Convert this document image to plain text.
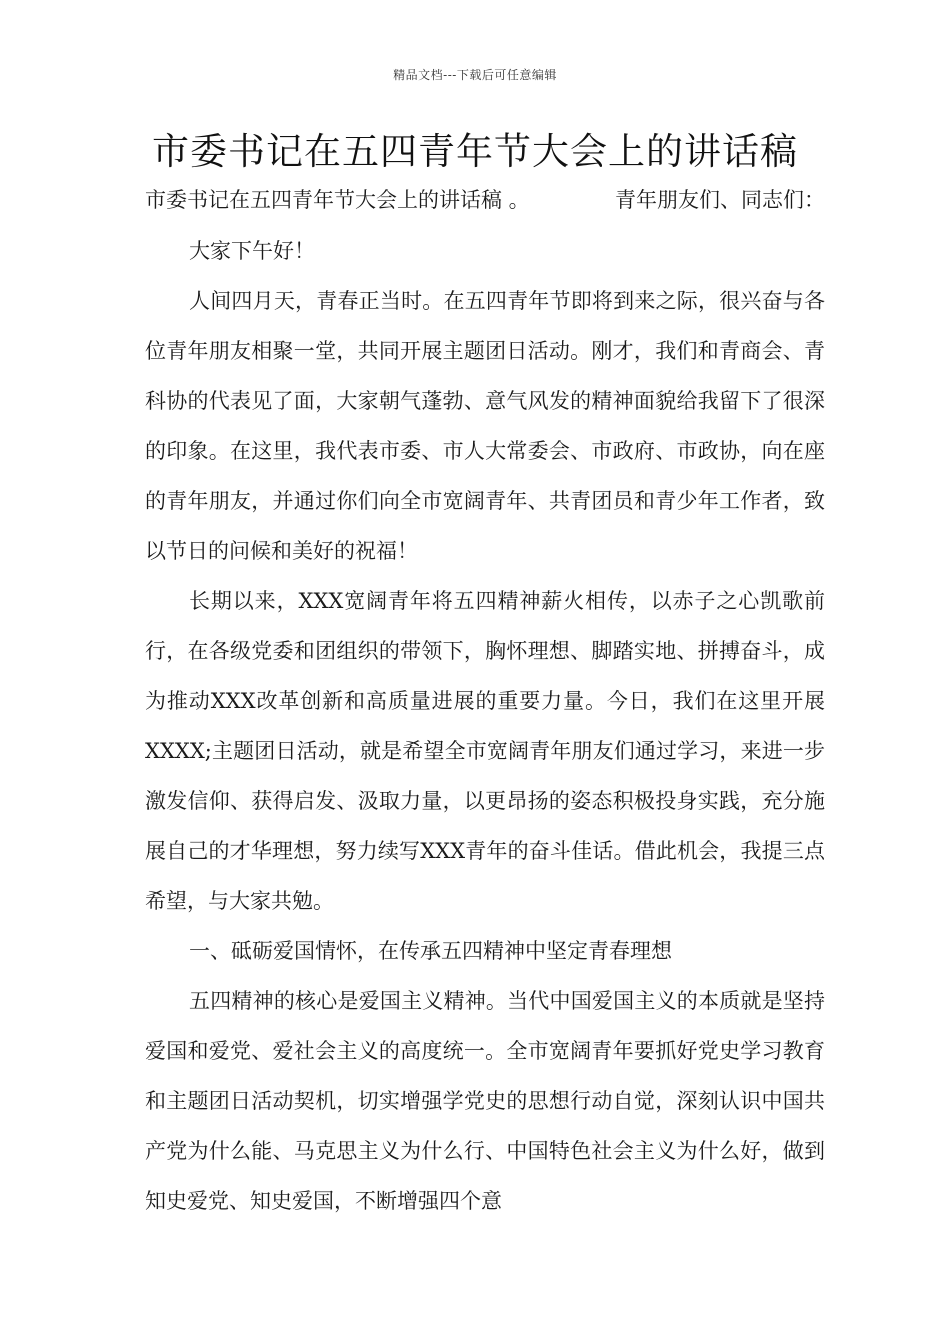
精品文档---下载后可任意编辑
市委书记在五四青年节大会上的讲话稿
市委书记在五四青年节大会上的讲话稿 。	青年朋友们、同志们：

大家下午好！

人间四月天，青春正当时。在五四青年节即将到来之际，很兴奋与各位青年朋友相聚一堂，共同开展主题团日活动。刚才，我们和青商会、青科协的代表见了面，大家朝气蓬勃、意气风发的精神面貌给我留下了很深的印象。在这里，我代表市委、市人大常委会、市政府、市政协，向在座的青年朋友，并通过你们向全市宽阔青年、共青团员和青少年工作者，致以节日的问候和美好的祝福！

长期以来，XXX宽阔青年将五四精神薪火相传，以赤子之心凯歌前行，在各级党委和团组织的带领下，胸怀理想、脚踏实地、拼搏奋斗，成为推动XXX改革创新和高质量进展的重要力量。今日，我们在这里开展XXXX;主题团日活动，就是希望全市宽阔青年朋友们通过学习，来进一步激发信仰、获得启发、汲取力量，以更昂扬的姿态积极投身实践，充分施展自己的才华理想，努力续写XXX青年的奋斗佳话。借此机会，我提三点希望，与大家共勉。

一、砥砺爱国情怀，在传承五四精神中坚定青春理想

五四精神的核心是爱国主义精神。当代中国爱国主义的本质就是坚持爱国和爱党、爱社会主义的高度统一。全市宽阔青年要抓好党史学习教育和主题团日活动契机，切实增强学党史的思想行动自觉，深刻认识中国共产党为什么能、马克思主义为什么行、中国特色社会主义为什么好，做到知史爱党、知史爱国，不断增强四个意
